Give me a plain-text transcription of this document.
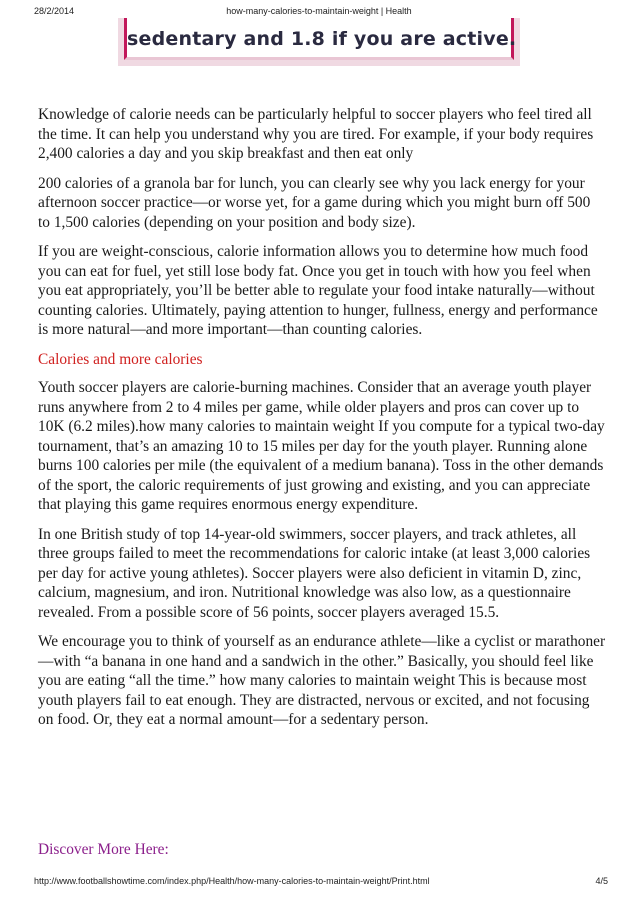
28/2/2014	how-many-calories-to-maintain-weight | Health
sedentary and 1.8 if you are active.

Knowledge of calorie needs can be particularly helpful to soccer players who feel tired all the time. It can help you understand why you are tired. For example, if your body requires 2,400 calories a day and you skip breakfast and then eat only

200 calories of a granola bar for lunch, you can clearly see why you lack energy for your afternoon soccer practice—or worse yet, for a game during which you might burn off 500 to 1,500 calories (depending on your position and body size).

If you are weight-conscious, calorie information allows you to determine how much food you can eat for fuel, yet still lose body fat. Once you get in touch with how you feel when you eat appropriately, you’ll be better able to regulate your food intake naturally—without counting calories. Ultimately, paying attention to hunger, fullness, energy and performance is more natural—and more important—than counting calories.

Calories and more calories

Youth soccer players are calorie-burning machines. Consider that an average youth player runs anywhere from 2 to 4 miles per game, while older players and pros can cover up to 10K (6.2 miles).how many calories to maintain weight If you compute for a typical two-day tournament, that’s an amazing 10 to 15 miles per day for the youth player. Running alone burns 100 calories per mile (the equivalent of a medium banana). Toss in the other demands of the sport, the caloric requirements of just growing and existing, and you can appreciate that playing this game requires enormous energy expenditure.

In one British study of top 14-year-old swimmers, soccer players, and track athletes, all three groups failed to meet the recommendations for caloric intake (at least 3,000 calories per day for active young athletes). Soccer players were also deficient in vitamin D, zinc, calcium, magnesium, and iron. Nutritional knowledge was also low, as a questionnaire revealed. From a possible score of 56 points, soccer players averaged 15.5.

We encourage you to think of yourself as an endurance athlete—like a cyclist or marathoner—with “a banana in one hand and a sandwich in the other.” Basically, you should feel like you are eating “all the time.” how many calories to maintain weight This is because most youth players fail to eat enough. They are distracted, nervous or excited, and not focusing on food. Or, they eat a normal amount—for a sedentary person.

Discover More Here:
http://www.footballshowtime.com/index.php/Health/how-many-calories-to-maintain-weight/Print.html	4/5
